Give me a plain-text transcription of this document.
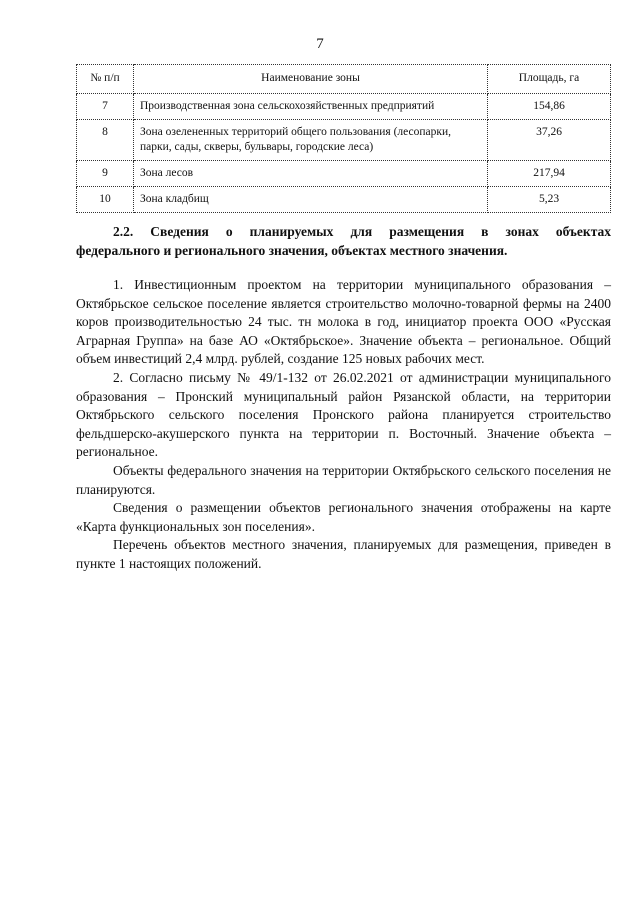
7
№ п/п	Наименование зоны	Площадь, га
7	Производственная зона сельскохозяйственных предприятий	154,86
8	Зона озелененных территорий общего пользования (лесопарки, парки, сады, скверы, бульвары, городские леса)	37,26
9	Зона лесов	217,94
10	Зона кладбищ	5,23
2.2. Сведения о планируемых для размещения в зонах объектах
федерального и регионального значения, объектах местного значения.

1. Инвестиционным проектом на территории муниципального образования – Октябрьское сельское поселение является строительство молочно-товарной фермы на 2400 коров производительностью 24 тыс. тн молока в год, инициатор проекта ООО «Русская Аграрная Группа» на базе АО «Октябрьское». Значение объекта – региональное. Общий объем инвестиций 2,4 млрд. рублей, создание 125 новых рабочих мест.

2. Согласно письму № 49/1-132 от 26.02.2021 от администрации муниципального образования – Пронский муниципальный район Рязанской области, на территории Октябрьского сельского поселения Пронского района планируется строительство фельдшерско-акушерского пункта на территории п. Восточный. Значение объекта – региональное.

Объекты федерального значения на территории Октябрьского сельского поселения не планируются.

Сведения о размещении объектов регионального значения отображены на карте «Карта функциональных зон поселения».

Перечень объектов местного значения, планируемых для размещения, приведен в пункте 1 настоящих положений.
